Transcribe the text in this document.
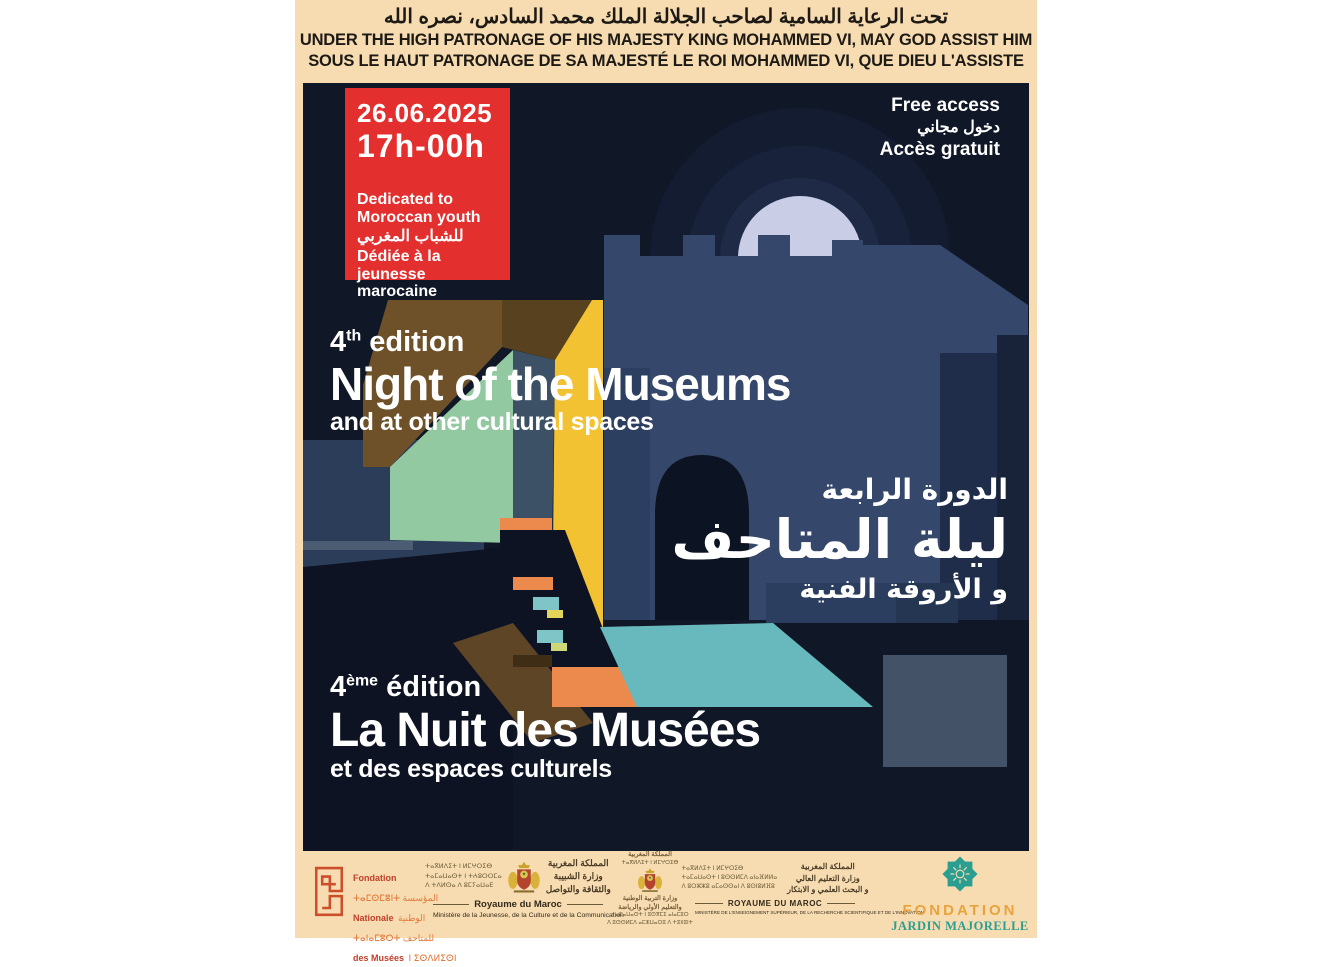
تحت الرعاية السامية لصاحب الجلالة الملك محمد السادس، نصره الله
UNDER THE HIGH PATRONAGE OF HIS MAJESTY KING MOHAMMED VI, MAY GOD ASSIST HIM
SOUS LE HAUT PATRONAGE DE SA MAJESTÉ LE ROI MOHAMMED VI, QUE DIEU L'ASSISTE
26.06.2025
17h-00h
Dedicated to
Moroccan youth
للشباب المغربي
Dédiée à la jeunesse
marocaine
Free access
دخول مجاني
Accès gratuit
4th edition
Night of the Museums
and at other cultural spaces
الدورة الرابعة
ليلة المتاحف
و الأروقة الفنية
4ème édition
La Nuit des Musées
et des espaces culturels
Fondation
ⵜⴰⵎⵙⵎⵓⵏⵜ المؤسسة
Nationale الوطنية
ⵜⴰⵏⴰⵎⵓⵔⵜ للمتاحف
des Musées ⵏ ⵉⵙⴷⵍⵉⵙⵏ
ⵜⴰⴳⵍⴷⵉⵜ ⵏ ⵍⵎⵖⵔⵉⴱ
ⵜⴰⵎⴰⵡⴰⵙⵜ ⵏ ⵜⵄⵓⵔⵔⵎⴰ
ⴷ ⵜⴷⵍⵙⴰ ⴷ ⵓⵎⵢⴰⵡⴰⴹ
المملكة المغربية
وزارة الشبيبة
والثقافة والتواصل
Royaume du Maroc
Ministère de la Jeunesse, de la Culture et de la Communication
المملكة المغربية
ⵜⴰⴳⵍⴷⵉⵜ ⵏ ⵍⵎⵖⵔⵉⴱ
وزارة التربية الوطنية
والتعليم الأولي والرياضة
ⵜⴰⵎⴰⵡⴰⵙⵜ ⵏ ⵓⵙⴳⵎⵉ ⴰⵏⴰⵎⵓⵔ
ⴷ ⵓⵙⵙⵍⵎⴷ ⴰⵎⵣⵡⴰⵔⵓ ⴷ ⵜⵓⵏⵏⵓⵏⵜ
ⵜⴰⴳⵍⴷⵉⵜ ⵏ ⵍⵎⵖⵔⵉⴱ
ⵜⴰⵎⴰⵡⴰⵙⵜ ⵏ ⵓⵙⵙⵍⵎⴷ ⴰⵏⴰⴼⵍⵍⴰ
ⴷ ⵓⵔⵣⵣⵓ ⴰⵎⴰⵙⵙⴰⵏ ⴷ ⵓⵙⵏⵓⵍⴼⵓ
المملكة المغربية
وزارة التعليم العالي
و البحث العلمي و الابتكار
ROYAUME DU MAROC
MINISTÈRE DE L'ENSEIGNEMENT SUPÉRIEUR, DE LA RECHERCHE SCIENTIFIQUE ET DE L'INNOVATION
FONDATION
JARDIN MAJORELLE
